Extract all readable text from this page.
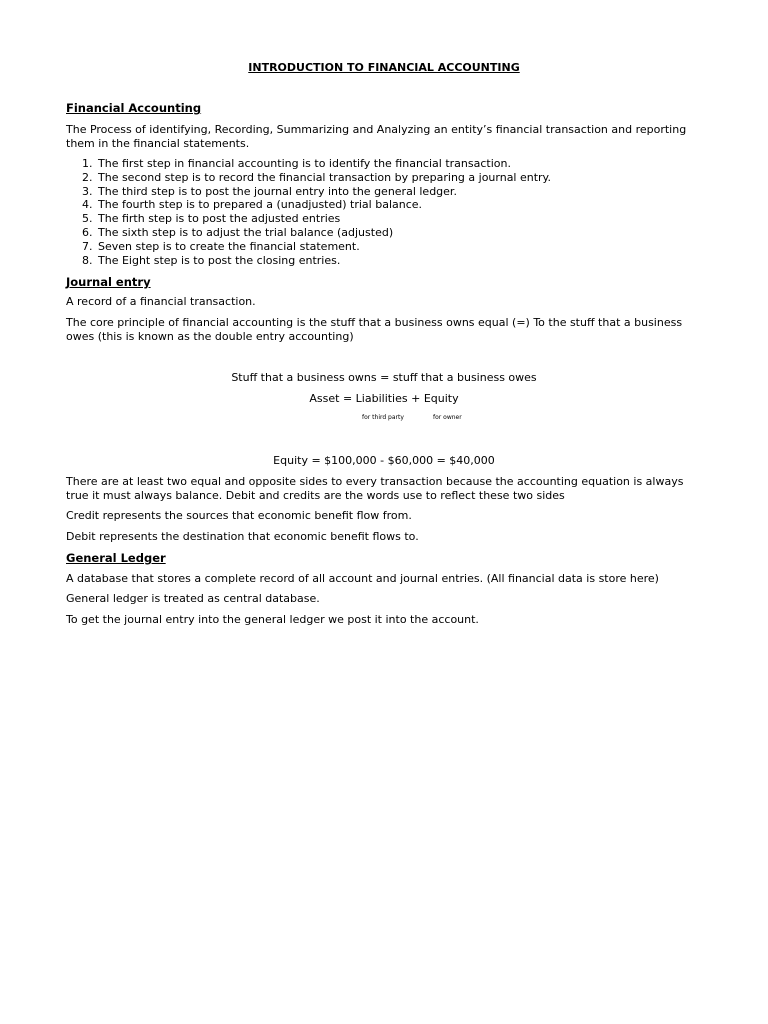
INTRODUCTION TO FINANCIAL ACCOUNTING
Financial Accounting

The Process of identifying, Recording, Summarizing and Analyzing an entity’s financial transaction and reporting them in the financial statements.

1. The first step in financial accounting is to identify the financial transaction.
2. The second step is to record the financial transaction by preparing a journal entry.
3. The third step is to post the journal entry into the general ledger.
4. The fourth step is to prepared a (unadjusted) trial balance.
5. The firth step is to post the adjusted entries
6. The sixth step is to adjust the trial balance (adjusted)
7. Seven step is to create the financial statement.
8. The Eight step is to post the closing entries.
Journal entry

A record of a financial transaction.

The core principle of financial accounting is the stuff that a business owns equal (=) To the stuff that a business owes (this is known as the double entry accounting)

Stuff that a business owns = stuff that a business owes

Asset = Liabilities + Equity

for third party	for owner

Equity = $100,000 - $60,000 = $40,000

There are at least two equal and opposite sides to every transaction because the accounting equation is always true it must always balance. Debit and credits are the words use to reflect these two sides

Credit represents the sources that economic benefit flow from.

Debit represents the destination that economic benefit flows to.

General Ledger

A database that stores a complete record of all account and journal entries. (All financial data is store here)

General ledger is treated as central database.

To get the journal entry into the general ledger we post it into the account.
